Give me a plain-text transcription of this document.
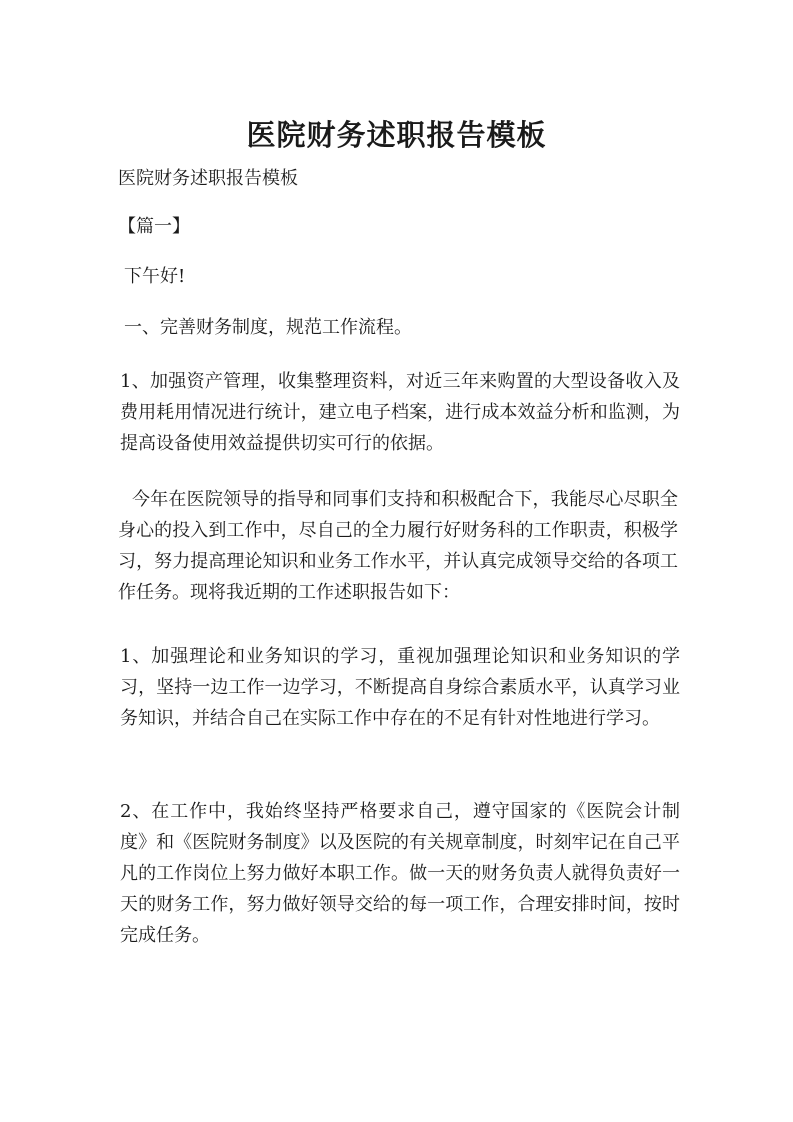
医院财务述职报告模板

医院财务述职报告模板

【篇一】

下午好!

一、完善财务制度，规范工作流程。

1、加强资产管理，收集整理资料，对近三年来购置的大型设备收入及费用耗用情况进行统计，建立电子档案，进行成本效益分析和监测，为提高设备使用效益提供切实可行的依据。

今年在医院领导的指导和同事们支持和积极配合下，我能尽心尽职全身心的投入到工作中，尽自己的全力履行好财务科的工作职责，积极学习，努力提高理论知识和业务工作水平，并认真完成领导交给的各项工作任务。现将我近期的工作述职报告如下：

1、加强理论和业务知识的学习，重视加强理论知识和业务知识的学习，坚持一边工作一边学习，不断提高自身综合素质水平，认真学习业务知识，并结合自己在实际工作中存在的不足有针对性地进行学习。

2、在工作中，我始终坚持严格要求自己，遵守国家的《医院会计制度》和《医院财务制度》以及医院的有关规章制度，时刻牢记在自己平凡的工作岗位上努力做好本职工作。做一天的财务负责人就得负责好一天的财务工作，努力做好领导交给的每一项工作，合理安排时间，按时完成任务。
